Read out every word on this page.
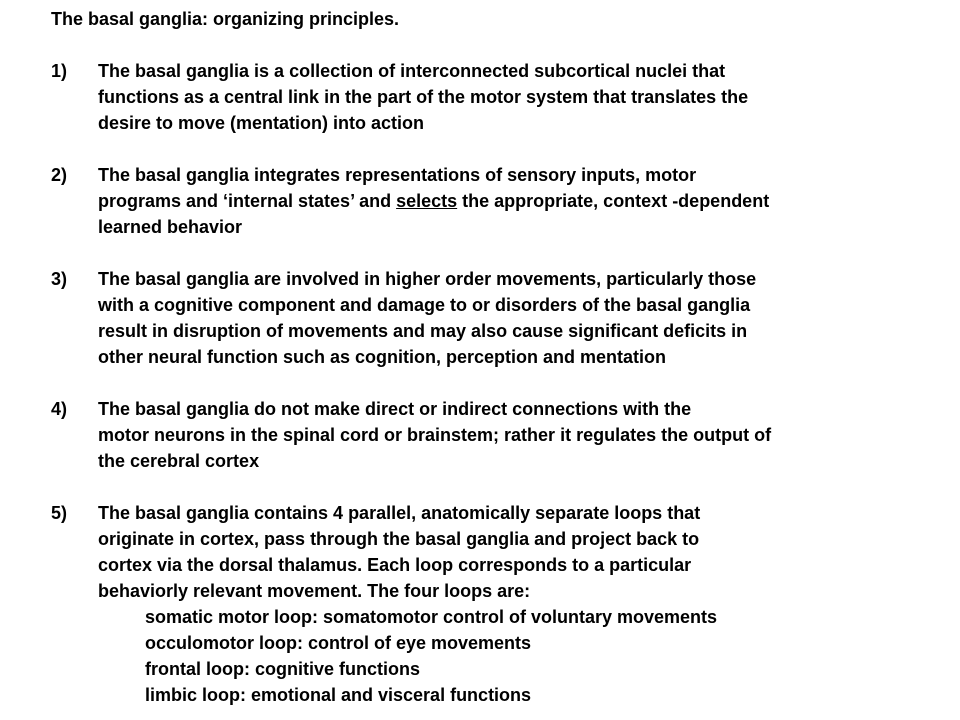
The basal ganglia: organizing principles.
1) The basal ganglia is a collection of interconnected subcortical nuclei that
functions as a central link in the part of the motor system that translates the
desire to move (mentation) into action
2) The basal ganglia integrates representations of sensory inputs, motor
programs and ‘internal states’ and selects the appropriate, context -dependent
learned behavior
3) The basal ganglia are involved in higher order movements, particularly those
with a cognitive component and damage to or disorders of the basal ganglia
result in disruption of movements and may also cause significant deficits in
other neural function such as cognition, perception and mentation
4) The basal ganglia do not make direct or indirect connections with the
motor neurons in the spinal cord or brainstem; rather it regulates the output of
the cerebral cortex
5) The basal ganglia contains 4 parallel, anatomically separate loops that
originate in cortex, pass through the basal ganglia and project back to
cortex via the dorsal thalamus. Each loop corresponds to a particular
behaviorly relevant movement. The four loops are:
somatic motor loop: somatomotor control of voluntary movements
occulomotor loop: control of eye movements
frontal loop: cognitive functions
limbic loop: emotional and visceral functions
